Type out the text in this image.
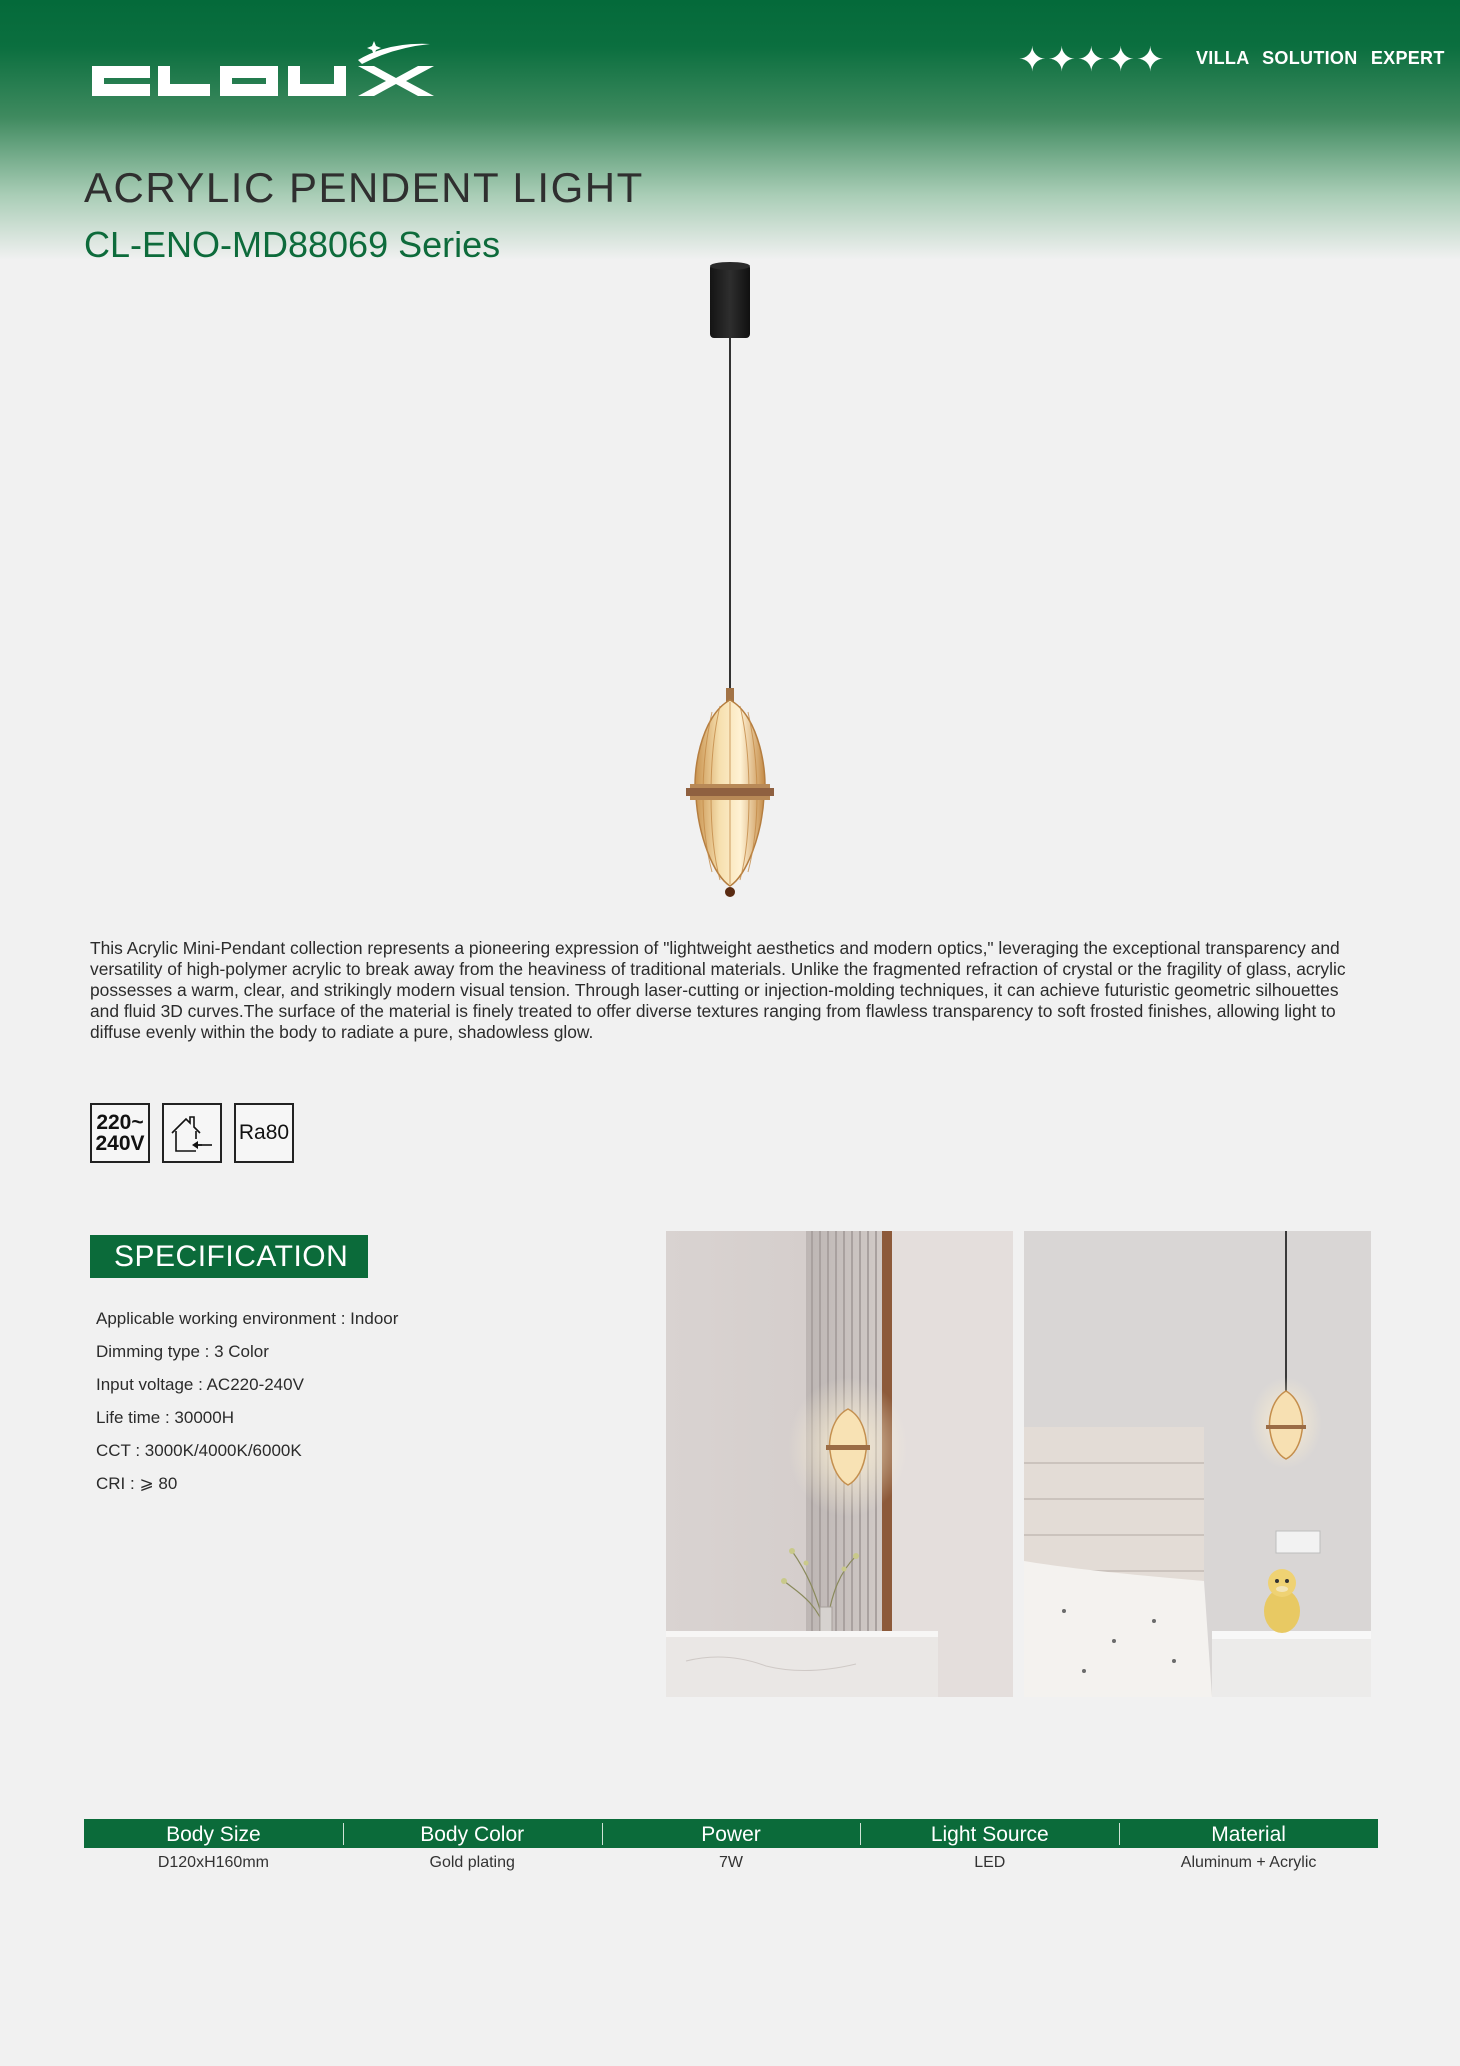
✦✦✦✦✦ VILLA SOLUTION EXPERT
ACRYLIC PENDENT LIGHT
CL-ENO-MD88069 Series

This Acrylic Mini-Pendant collection represents a pioneering expression of "lightweight aesthetics and modern optics," leveraging the exceptional transparency and versatility of high-polymer acrylic to break away from the heaviness of traditional materials. Unlike the fragmented refraction of crystal or the fragility of glass, acrylic possesses a warm, clear, and strikingly modern visual tension. Through laser-cutting or injection-molding techniques, it can achieve futuristic geometric silhouettes and fluid 3D curves.The surface of the material is finely treated to offer diverse textures ranging from flawless transparency to soft frosted finishes, allowing light to diffuse evenly within the body to radiate a pure, shadowless glow.

220~
240V	Ra80
SPECIFICATION
Applicable working environment : Indoor
Dimming type : 3 Color
Input voltage : AC220-240V
Life time : 30000H
CCT : 3000K/4000K/6000K
CRI : ⩾ 80
Body Size	Body Color	Power	Light Source	Material
D120xH160mm	Gold plating	7W	LED	Aluminum + Acrylic
